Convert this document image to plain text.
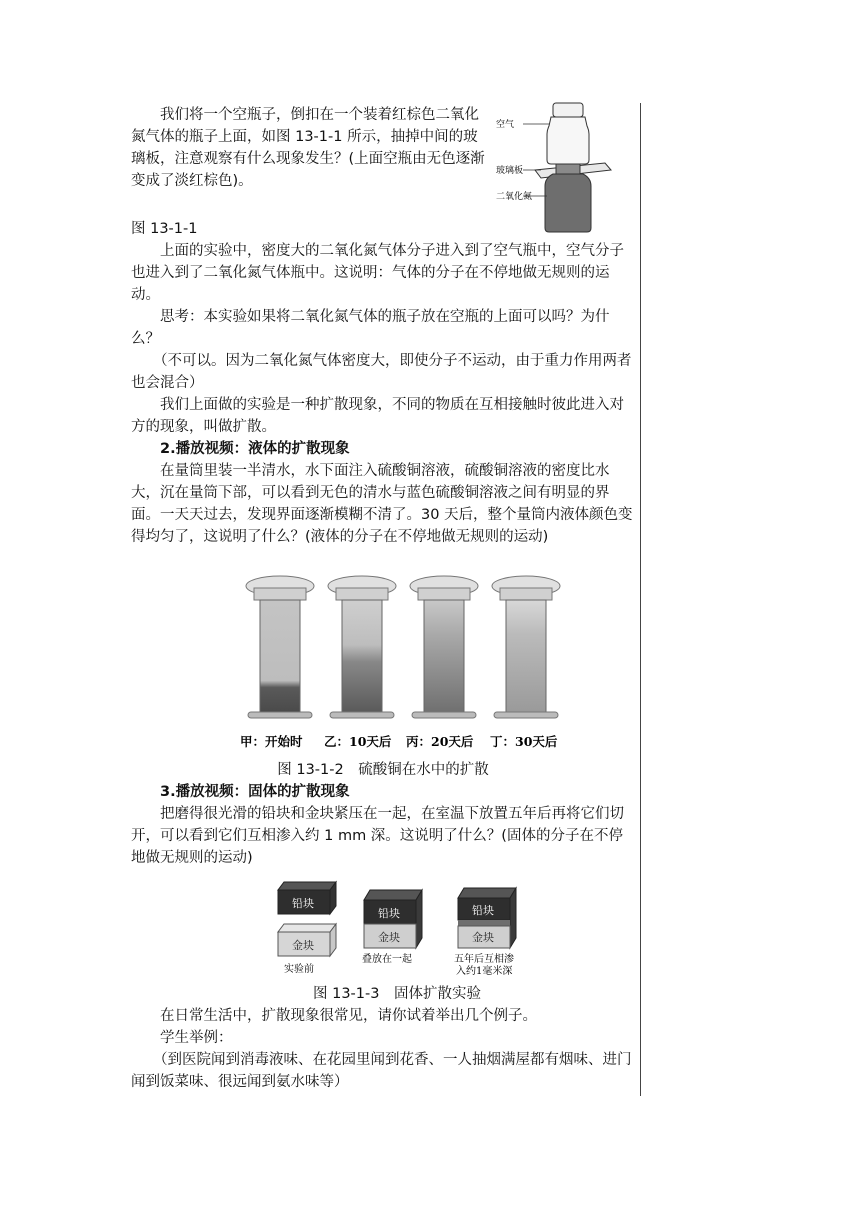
我们将一个空瓶子，倒扣在一个装着红棕色二氧化氮气体的瓶子上面，如图 13-1-1 所示，抽掉中间的玻璃板，注意观察有什么现象发生？(上面空瓶由无色逐渐变成了淡红棕色)。

空气
玻璃板
二氧化氮
图 13-1-1

上面的实验中，密度大的二氧化氮气体分子进入到了空气瓶中，空气分子也进入到了二氧化氮气体瓶中。这说明：气体的分子在不停地做无规则的运动。

思考：本实验如果将二氧化氮气体的瓶子放在空瓶的上面可以吗？为什么？

（不可以。因为二氧化氮气体密度大，即使分子不运动，由于重力作用两者也会混合）

我们上面做的实验是一种扩散现象，不同的物质在互相接触时彼此进入对方的现象，叫做扩散。

2.播放视频：液体的扩散现象

在量筒里装一半清水，水下面注入硫酸铜溶液，硫酸铜溶液的密度比水大，沉在量筒下部，可以看到无色的清水与蓝色硫酸铜溶液之间有明显的界面。一天天过去，发现界面逐渐模糊不清了。30 天后，整个量筒内液体颜色变得均匀了，这说明了什么？(液体的分子在不停地做无规则的运动)

甲：开始时 乙：10天后 丙：20天后 丁：30天后
图 13-1-2　硫酸铜在水中的扩散

3.播放视频：固体的扩散现象

把磨得很光滑的铅块和金块紧压在一起，在室温下放置五年后再将它们切开，可以看到它们互相渗入约 1 mm 深。这说明了什么？(固体的分子在不停地做无规则的运动)

铅块
金块
实验前
铅块
金块
叠放在一起
铅块
金块
五年后互相渗
入约1毫米深
图 13-1-3　固体扩散实验

在日常生活中，扩散现象很常见，请你试着举出几个例子。

学生举例：

（到医院闻到消毒液味、在花园里闻到花香、一人抽烟满屋都有烟味、进门闻到饭菜味、很远闻到氨水味等）
